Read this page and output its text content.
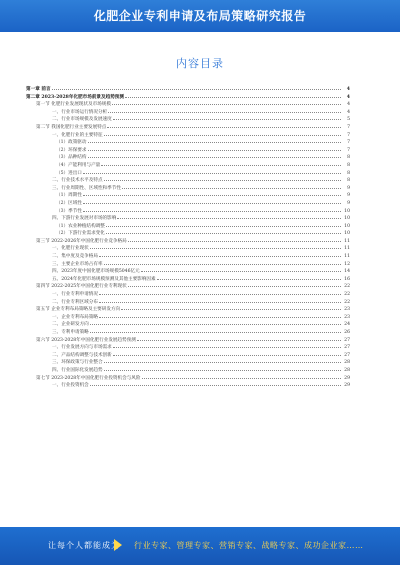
化肥企业专利申请及布局策略研究报告
内容目录
第一章 前言	4
第二章 2023-2028年化肥市场前景及趋势预测	4
第一节 化肥行业发展现状及市场规模	4
一、行业市场运行情况分析	4
二、行业市场规模及发展速度	5
第二节 我国化肥行业主要发展特点	7
一、化肥行业的主要特征	7
（1）政策驱动	7
（2）环保要求	7
（3）品种结构	8
（4）产能利用与产量	8
（5）进出口	8
二、行业技术水平及特点	8
三、行业周期性、区域性和季节性	9
（1）周期性	9
（2）区域性	9
（3）季节性	10
四、下游行业发展对市场的影响	10
（1）农业种植结构调整	10
（2）下游行业需求变化	10
第三节 2022-2026年中国化肥行业竞争格局	11
一、化肥行业现状	11
二、集中度及竞争格局	11
三、主要企业市场占有率	12
四、2023年度中国化肥市场规模5046亿元	14
五、2024年化肥市场规模预测及其他主要影响因素	16
第四节 2022-2025年中国化肥行业专利现状	22
一、行业专利申请情况	22
二、行业专利区域分布	22
第五节 企业专利布局策略及主要研发方向	23
一、企业专利布局策略	23
二、企业研发方向	24
三、专利申请策略	26
第六节 2023-2028年中国化肥行业发展趋势预测	27
一、行业发展方向与市场需求	27
二、产品结构调整与技术创新	27
三、环保政策与行业整合	28
四、行业国际化发展趋势	28
第七节 2023-2028年中国化肥行业投资机会与风险	29
一、行业投资机会	29
让每个人都能成为 行业专家、管理专家、营销专家、战略专家、成功企业家……
